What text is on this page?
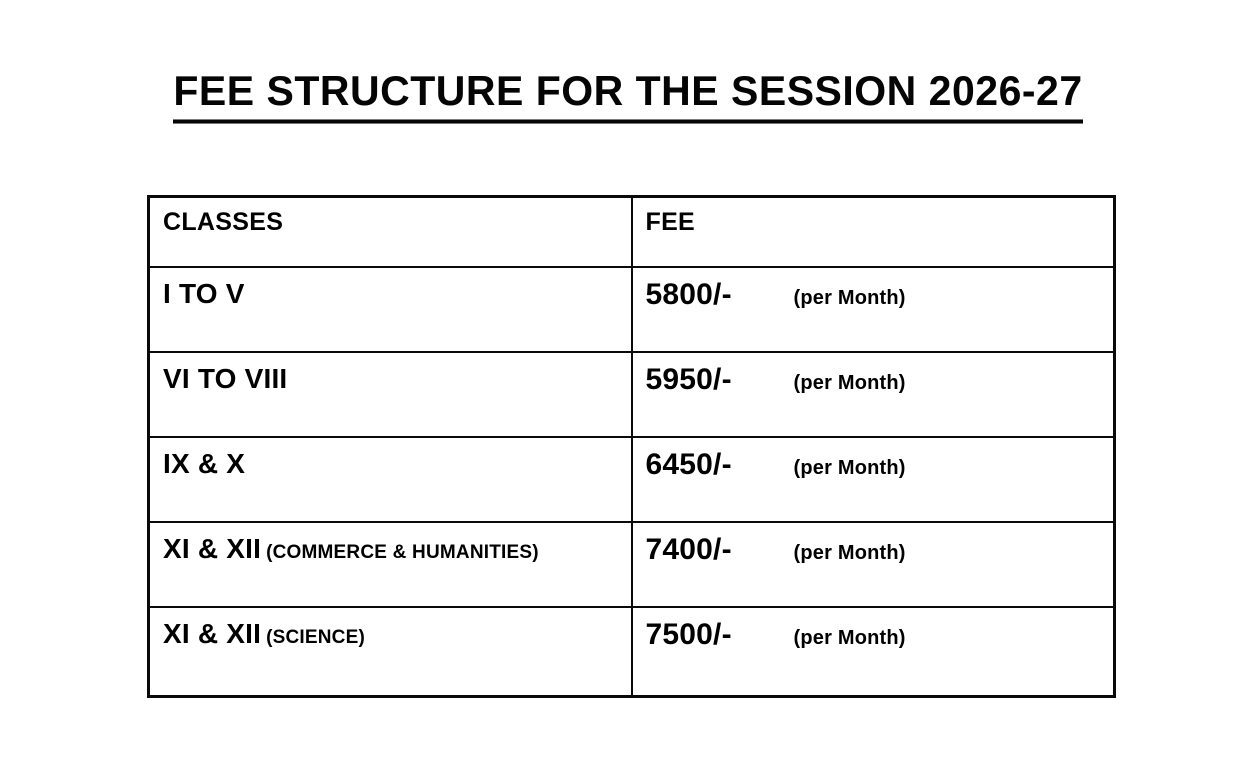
FEE STRUCTURE FOR THE SESSION 2026-27
CLASSES	FEE
I TO V	5800/- (per Month)
VI TO VIII	5950/- (per Month)
IX & X	6450/- (per Month)
XI & XII (COMMERCE & HUMANITIES)	7400/- (per Month)
XI & XII (SCIENCE)	7500/- (per Month)
